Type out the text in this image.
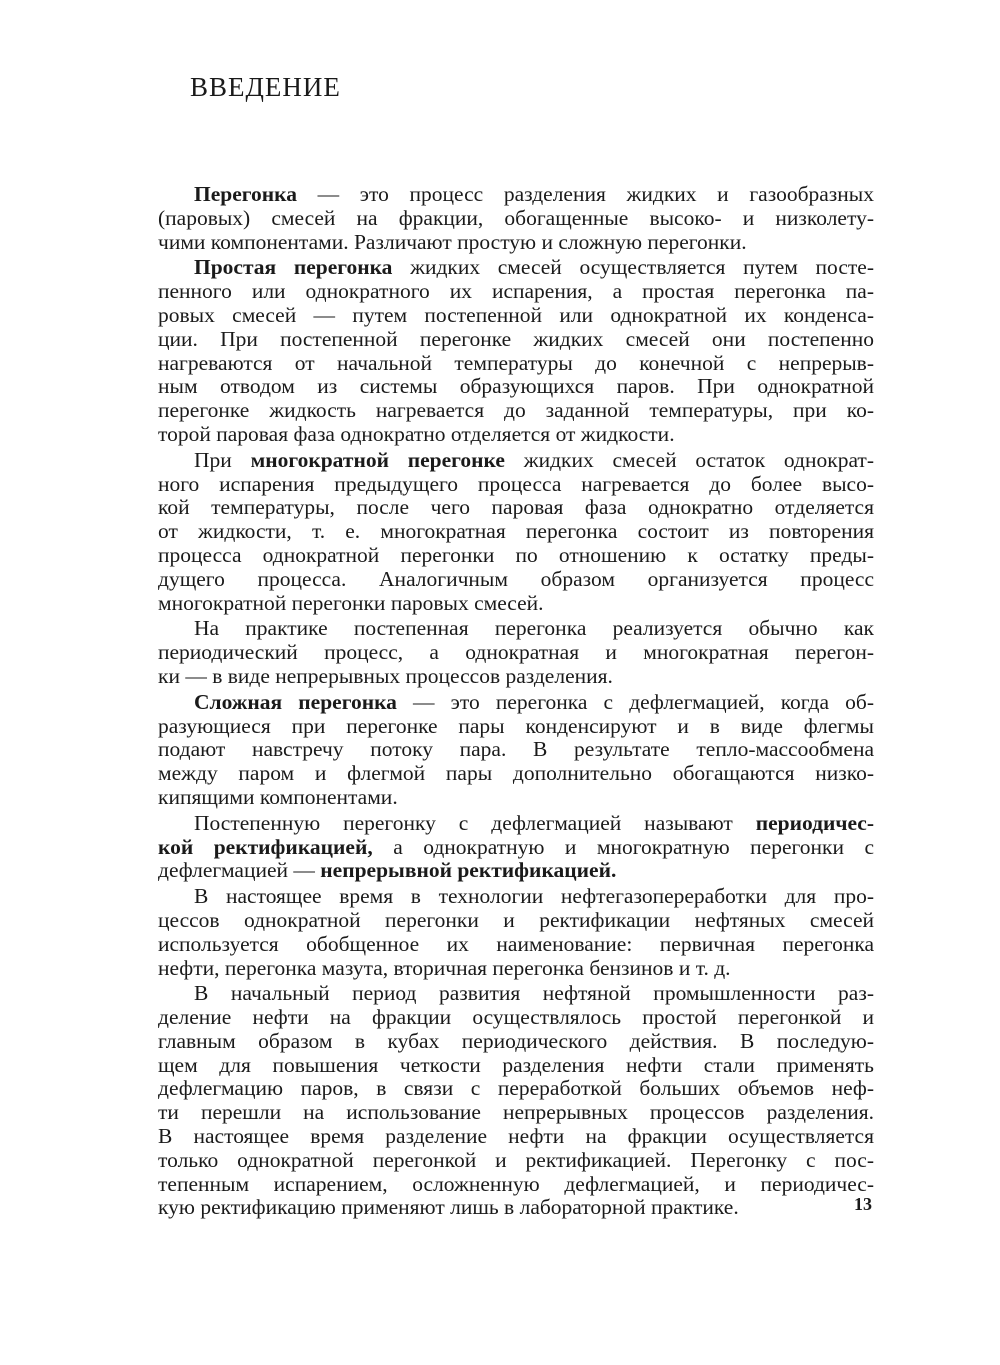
ВВЕДЕНИЕ
Перегонка — это процесс разделения жидких и газообразных
(паровых) смесей на фракции, обогащенные высоко- и низколету-
чими компонентами. Различают простую и сложную перегонки.
Простая перегонка жидких смесей осуществляется путем посте-
пенного или однократного их испарения, а простая перегонка па-
ровых смесей — путем постепенной или однократной их конденса-
ции. При постепенной перегонке жидких смесей они постепенно
нагреваются от начальной температуры до конечной с непрерыв-
ным отводом из системы образующихся паров. При однократной
перегонке жидкость нагревается до заданной температуры, при ко-
торой паровая фаза однократно отделяется от жидкости.
При многократной перегонке жидких смесей остаток однократ-
ного испарения предыдущего процесса нагревается до более высо-
кой температуры, после чего паровая фаза однократно отделяется
от жидкости, т. е. многократная перегонка состоит из повторения
процесса однократной перегонки по отношению к остатку преды-
дущего процесса. Аналогичным образом организуется процесс
многократной перегонки паровых смесей.
На практике постепенная перегонка реализуется обычно как
периодический процесс, а однократная и многократная перегон-
ки — в виде непрерывных процессов разделения.
Сложная перегонка — это перегонка с дефлегмацией, когда об-
разующиеся при перегонке пары конденсируют и в виде флегмы
подают навстречу потоку пара. В результате тепло-массообмена
между паром и флегмой пары дополнительно обогащаются низко-
кипящими компонентами.
Постепенную перегонку с дефлегмацией называют периодичес-
кой ректификацией, а однократную и многократную перегонки с
дефлегмацией — непрерывной ректификацией.
В настоящее время в технологии нефтегазопереработки для про-
цессов однократной перегонки и ректификации нефтяных смесей
используется обобщенное их наименование: первичная перегонка
нефти, перегонка мазута, вторичная перегонка бензинов и т. д.
В начальный период развития нефтяной промышленности раз-
деление нефти на фракции осуществлялось простой перегонкой и
главным образом в кубах периодического действия. В последую-
щем для повышения четкости разделения нефти стали применять
дефлегмацию паров, в связи с переработкой больших объемов неф-
ти перешли на использование непрерывных процессов разделения.
В настоящее время разделение нефти на фракции осуществляется
только однократной перегонкой и ректификацией. Перегонку с пос-
тепенным испарением, осложненную дефлегмацией, и периодичес-
кую ректификацию применяют лишь в лабораторной практике.	13
